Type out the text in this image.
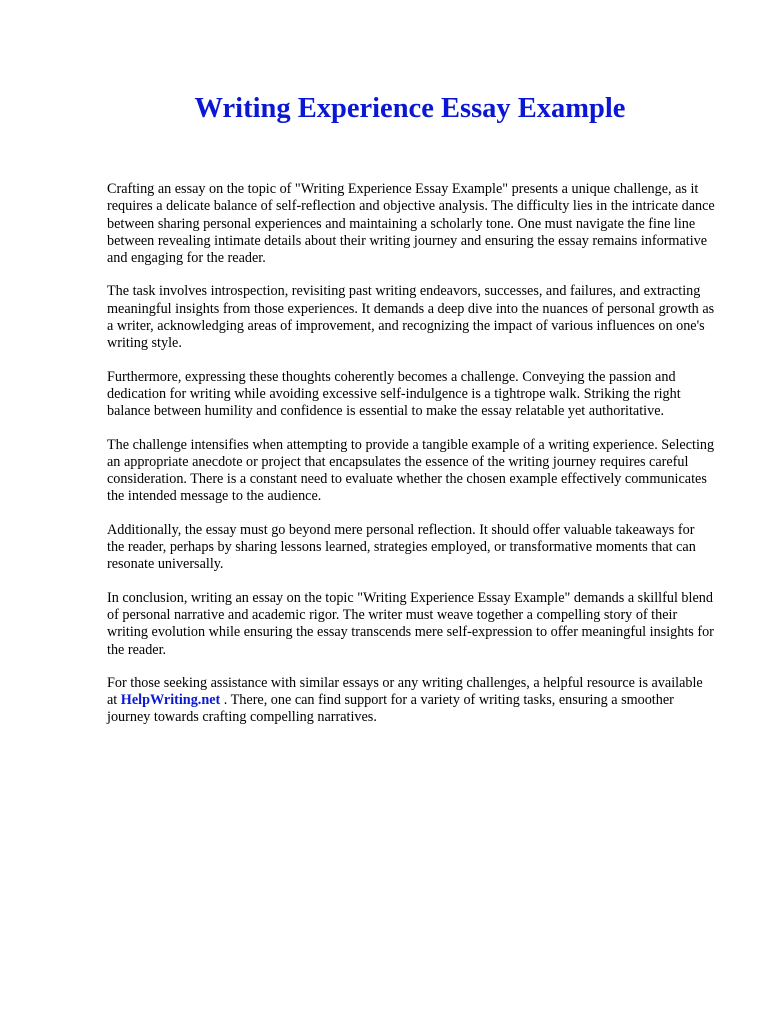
Writing Experience Essay Example

Crafting an essay on the topic of "Writing Experience Essay Example" presents a unique challenge, as it requires a delicate balance of self-reflection and objective analysis. The difficulty lies in the intricate dance between sharing personal experiences and maintaining a scholarly tone. One must navigate the fine line between revealing intimate details about their writing journey and ensuring the essay remains informative and engaging for the reader.

The task involves introspection, revisiting past writing endeavors, successes, and failures, and extracting meaningful insights from those experiences. It demands a deep dive into the nuances of personal growth as a writer, acknowledging areas of improvement, and recognizing the impact of various influences on one's writing style.

Furthermore, expressing these thoughts coherently becomes a challenge. Conveying the passion and dedication for writing while avoiding excessive self-indulgence is a tightrope walk. Striking the right balance between humility and confidence is essential to make the essay relatable yet authoritative.

The challenge intensifies when attempting to provide a tangible example of a writing experience. Selecting an appropriate anecdote or project that encapsulates the essence of the writing journey requires careful consideration. There is a constant need to evaluate whether the chosen example effectively communicates the intended message to the audience.

Additionally, the essay must go beyond mere personal reflection. It should offer valuable takeaways for the reader, perhaps by sharing lessons learned, strategies employed, or transformative moments that can resonate universally.

In conclusion, writing an essay on the topic "Writing Experience Essay Example" demands a skillful blend of personal narrative and academic rigor. The writer must weave together a compelling story of their writing evolution while ensuring the essay transcends mere self-expression to offer meaningful insights for the reader.

For those seeking assistance with similar essays or any writing challenges, a helpful resource is available at HelpWriting.net . There, one can find support for a variety of writing tasks, ensuring a smoother journey towards crafting compelling narratives.
